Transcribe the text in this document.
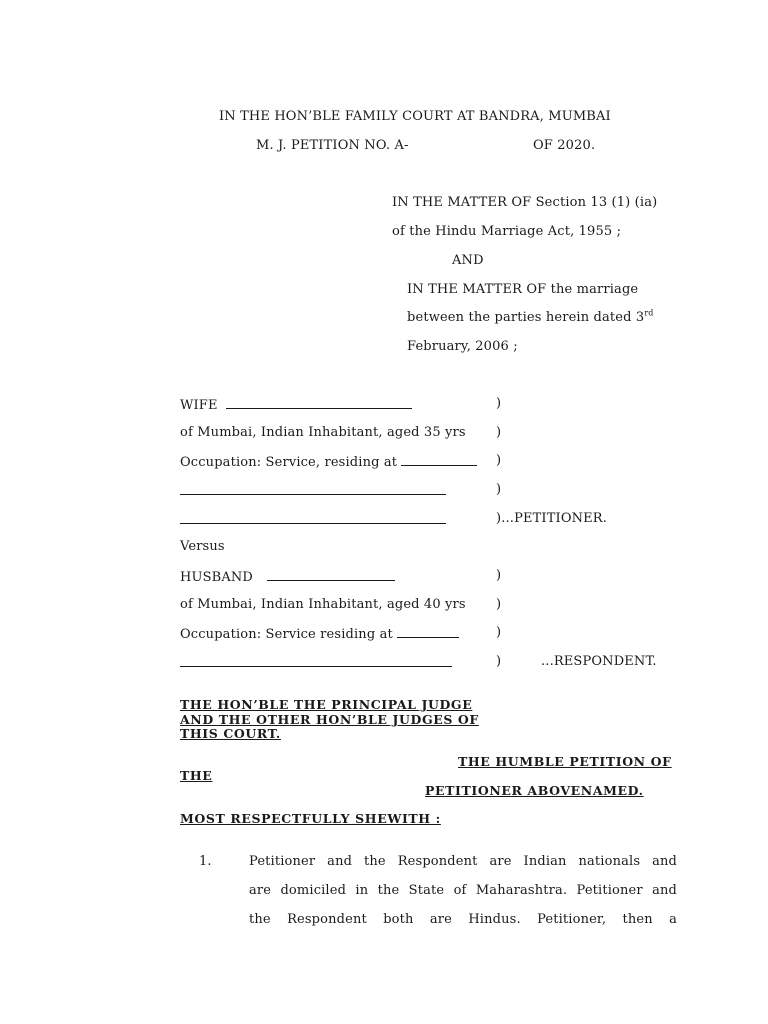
IN THE HON’BLE FAMILY COURT AT BANDRA, MUMBAI
M. J. PETITION NO. A-	OF 2020.
IN THE MATTER OF Section 13 (1) (ia)
of the Hindu Marriage Act, 1955 ;
AND
IN THE MATTER OF the marriage
between the parties herein dated 3rd
February, 2006 ;
WIFE	)
of Mumbai, Indian Inhabitant, aged 35 yrs )
Occupation: Service, residing at	)
)
)...PETITIONER.
Versus
HUSBAND	)
of Mumbai, Indian Inhabitant, aged 40 yrs )
Occupation: Service residing at	)
)	...RESPONDENT.
THE HON’BLE THE PRINCIPAL JUDGE
AND THE OTHER HON’BLE JUDGES OF
THIS COURT.
THE HUMBLE PETITION OF
THE
PETITIONER ABOVENAMED.
MOST RESPECTFULLY SHEWITH :
1.	Petitioner and the Respondent are Indian nationals and
are domiciled in the State of Maharashtra. Petitioner and
the Respondent both are Hindus. Petitioner, then a
